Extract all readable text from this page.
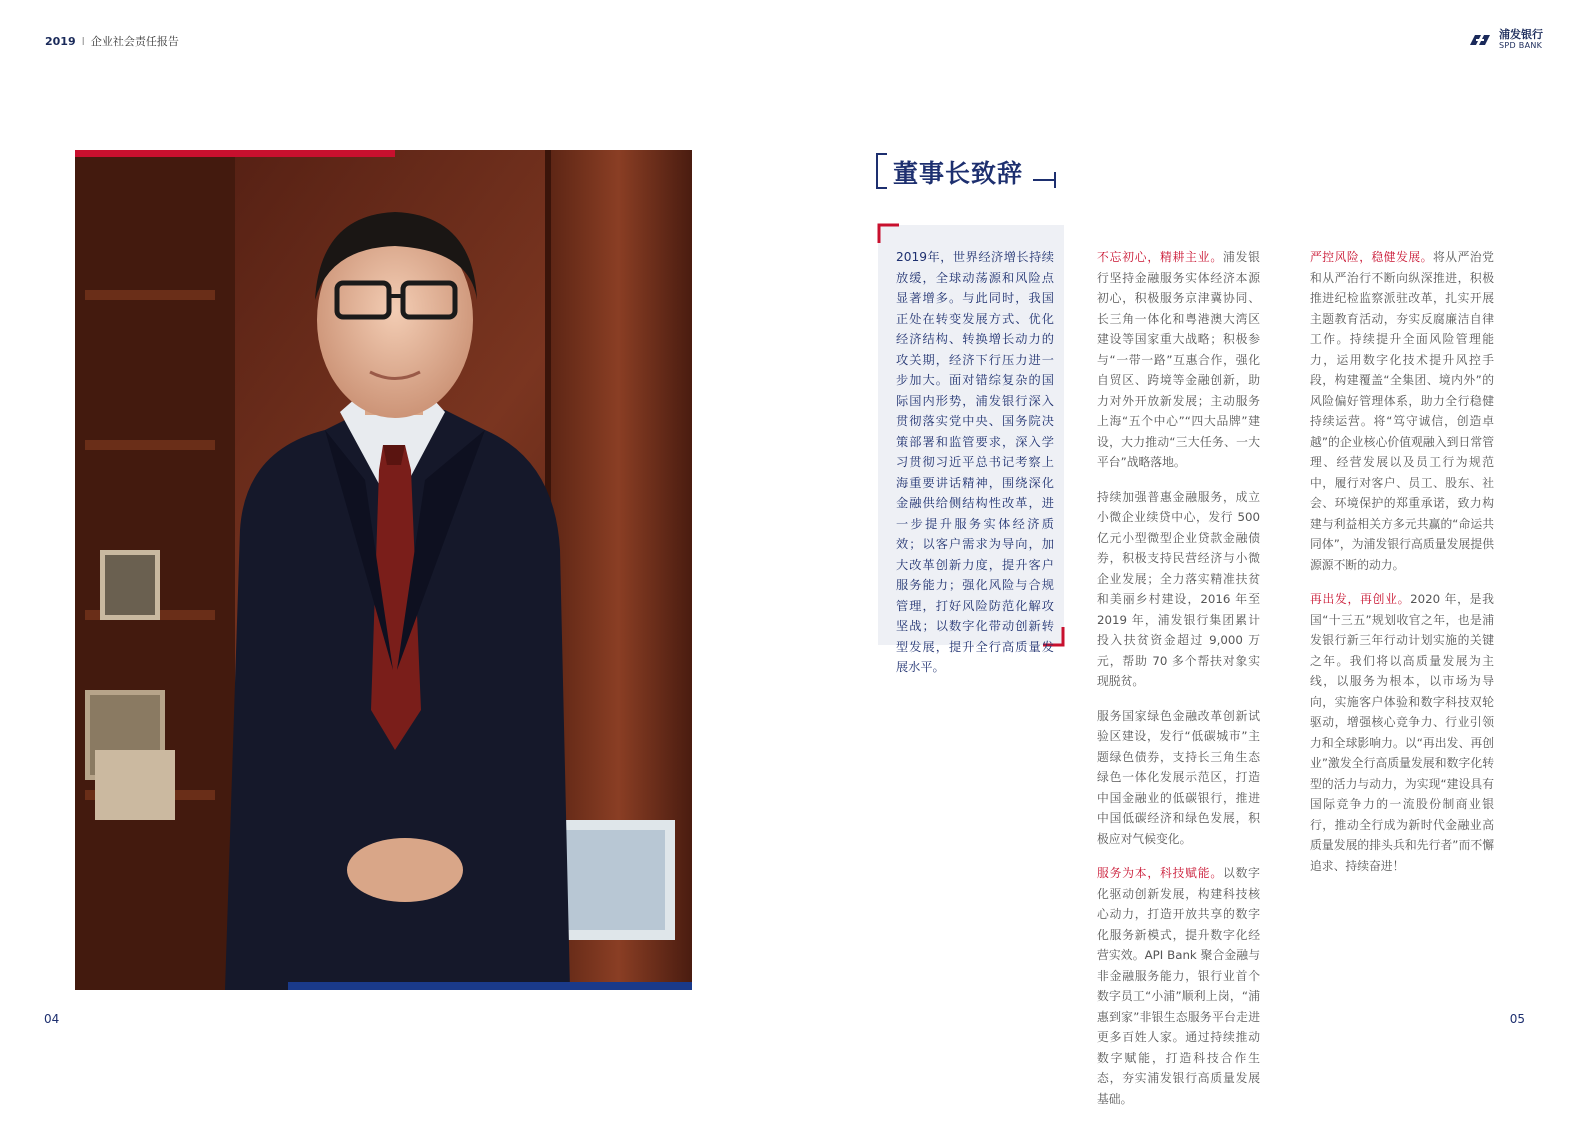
2019 I 企业社会责任报告
浦发银行
SPD BANK
董事长致辞
2019年，世界经济增长持续放缓，全球动荡源和风险点显著增多。与此同时，我国正处在转变发展方式、优化经济结构、转换增长动力的攻关期，经济下行压力进一步加大。面对错综复杂的国际国内形势，浦发银行深入贯彻落实党中央、国务院决策部署和监管要求，深入学习贯彻习近平总书记考察上海重要讲话精神，围绕深化金融供给侧结构性改革，进一步提升服务实体经济质效；以客户需求为导向，加大改革创新力度，提升客户服务能力；强化风险与合规管理，打好风险防范化解攻坚战；以数字化带动创新转型发展，提升全行高质量发展水平。

不忘初心，精耕主业。浦发银行坚持金融服务实体经济本源初心，积极服务京津冀协同、长三角一体化和粤港澳大湾区建设等国家重大战略；积极参与“一带一路”互惠合作，强化自贸区、跨境等金融创新，助力对外开放新发展；主动服务上海“五个中心”“四大品牌”建设，大力推动“三大任务、一大平台”战略落地。

持续加强普惠金融服务，成立小微企业续贷中心，发行 500 亿元小型微型企业贷款金融债券，积极支持民营经济与小微企业发展；全力落实精准扶贫和美丽乡村建设，2016 年至 2019 年，浦发银行集团累计投入扶贫资金超过 9,000 万元，帮助 70 多个帮扶对象实现脱贫。

服务国家绿色金融改革创新试验区建设，发行“低碳城市”主题绿色债券，支持长三角生态绿色一体化发展示范区，打造中国金融业的低碳银行，推进中国低碳经济和绿色发展，积极应对气候变化。

服务为本，科技赋能。以数字化驱动创新发展，构建科技核心动力，打造开放共享的数字化服务新模式，提升数字化经营实效。API Bank 聚合金融与非金融服务能力，银行业首个数字员工“小浦”顺利上岗，“浦惠到家”非银生态服务平台走进更多百姓人家。通过持续推动数字赋能，打造科技合作生态，夯实浦发银行高质量发展基础。

严控风险，稳健发展。将从严治党和从严治行不断向纵深推进，积极推进纪检监察派驻改革，扎实开展主题教育活动，夯实反腐廉洁自律工作。持续提升全面风险管理能力，运用数字化技术提升风控手段，构建覆盖“全集团、境内外”的风险偏好管理体系，助力全行稳健持续运营。将“笃守诚信，创造卓越”的企业核心价值观融入到日常管理、经营发展以及员工行为规范中，履行对客户、员工、股东、社会、环境保护的郑重承诺，致力构建与利益相关方多元共赢的“命运共同体”，为浦发银行高质量发展提供源源不断的动力。

再出发，再创业。2020 年，是我国“十三五”规划收官之年，也是浦发银行新三年行动计划实施的关键之年。我们将以高质量发展为主线，以服务为根本，以市场为导向，实施客户体验和数字科技双轮驱动，增强核心竞争力、行业引领力和全球影响力。以“再出发、再创业”激发全行高质量发展和数字化转型的活力与动力，为实现“建设具有国际竞争力的一流股份制商业银行，推动全行成为新时代金融业高质量发展的排头兵和先行者”而不懈追求、持续奋进！

04	05
